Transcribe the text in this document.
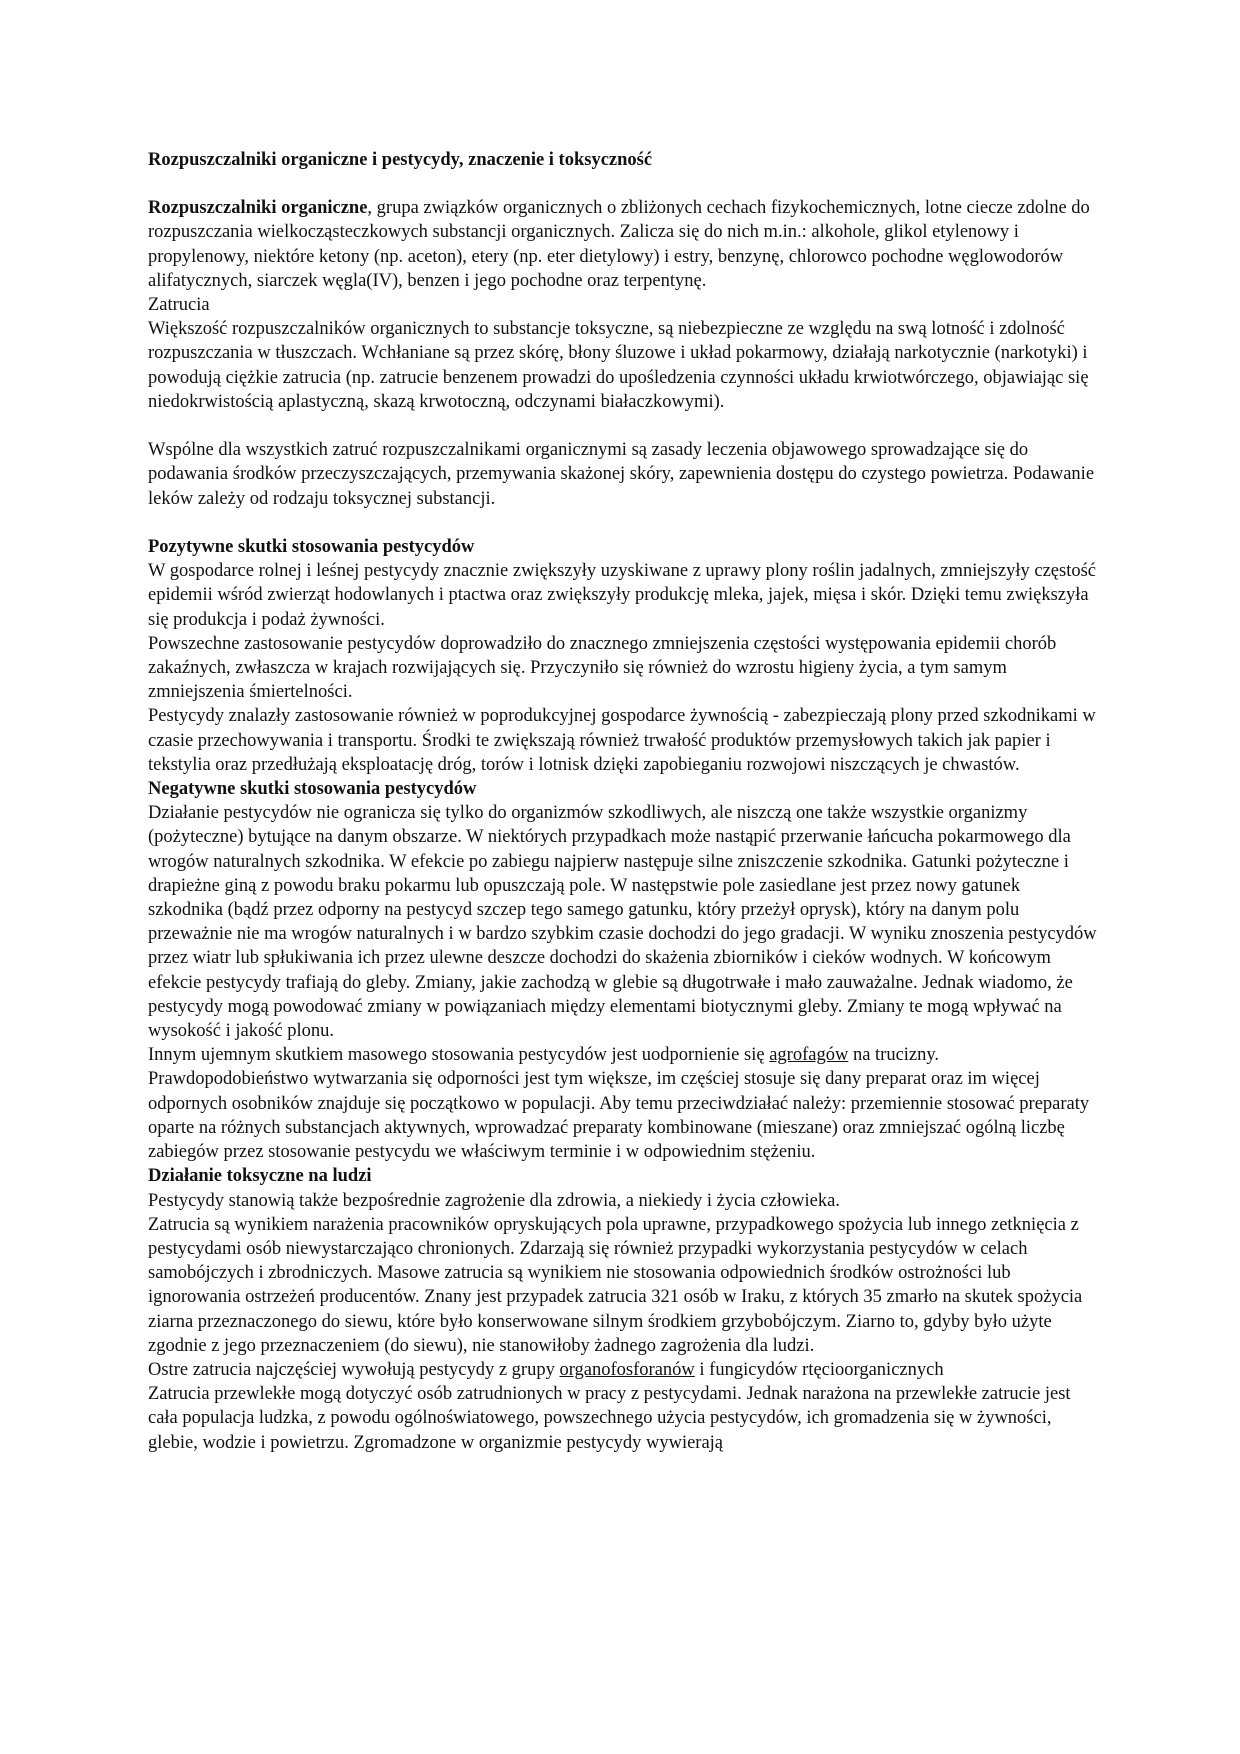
Rozpuszczalniki organiczne i pestycydy, znaczenie i toksyczność

Rozpuszczalniki organiczne, grupa związków organicznych o zbliżonych cechach fizykochemicznych, lotne ciecze zdolne do rozpuszczania wielkocząsteczkowych substancji organicznych. Zalicza się do nich m.in.: alkohole, glikol etylenowy i propylenowy, niektóre ketony (np. aceton), etery (np. eter dietylowy) i estry, benzynę, chlorowco pochodne węglowodorów alifatycznych, siarczek węgla(IV), benzen i jego pochodne oraz terpentynę.

Zatrucia

Większość rozpuszczalników organicznych to substancje toksyczne, są niebezpieczne ze względu na swą lotność i zdolność rozpuszczania w tłuszczach. Wchłaniane są przez skórę, błony śluzowe i układ pokarmowy, działają narkotycznie (narkotyki) i powodują ciężkie zatrucia (np. zatrucie benzenem prowadzi do upośledzenia czynności układu krwiotwórczego, objawiając się niedokrwistością aplastyczną, skazą krwotoczną, odczynami białaczkowymi).

Wspólne dla wszystkich zatruć rozpuszczalnikami organicznymi są zasady leczenia objawowego sprowadzające się do podawania środków przeczyszczających, przemywania skażonej skóry, zapewnienia dostępu do czystego powietrza. Podawanie leków zależy od rodzaju toksycznej substancji.

Pozytywne skutki stosowania pestycydów

W gospodarce rolnej i leśnej pestycydy znacznie zwiększyły uzyskiwane z uprawy plony roślin jadalnych, zmniejszyły częstość epidemii wśród zwierząt hodowlanych i ptactwa oraz zwiększyły produkcję mleka, jajek, mięsa i skór. Dzięki temu zwiększyła się produkcja i podaż żywności.

Powszechne zastosowanie pestycydów doprowadziło do znacznego zmniejszenia częstości występowania epidemii chorób zakaźnych, zwłaszcza w krajach rozwijających się. Przyczyniło się również do wzrostu higieny życia, a tym samym zmniejszenia śmiertelności.

Pestycydy znalazły zastosowanie również w poprodukcyjnej gospodarce żywnością - zabezpieczają plony przed szkodnikami w czasie przechowywania i transportu. Środki te zwiększają również trwałość produktów przemysłowych takich jak papier i tekstylia oraz przedłużają eksploatację dróg, torów i lotnisk dzięki zapobieganiu rozwojowi niszczących je chwastów.

Negatywne skutki stosowania pestycydów

Działanie pestycydów nie ogranicza się tylko do organizmów szkodliwych, ale niszczą one także wszystkie organizmy (pożyteczne) bytujące na danym obszarze. W niektórych przypadkach może nastąpić przerwanie łańcucha pokarmowego dla wrogów naturalnych szkodnika. W efekcie po zabiegu najpierw następuje silne zniszczenie szkodnika. Gatunki pożyteczne i drapieżne giną z powodu braku pokarmu lub opuszczają pole. W następstwie pole zasiedlane jest przez nowy gatunek szkodnika (bądź przez odporny na pestycyd szczep tego samego gatunku, który przeżył oprysk), który na danym polu przeważnie nie ma wrogów naturalnych i w bardzo szybkim czasie dochodzi do jego gradacji. W wyniku znoszenia pestycydów przez wiatr lub spłukiwania ich przez ulewne deszcze dochodzi do skażenia zbiorników i cieków wodnych. W końcowym efekcie pestycydy trafiają do gleby. Zmiany, jakie zachodzą w glebie są długotrwałe i mało zauważalne. Jednak wiadomo, że pestycydy mogą powodować zmiany w powiązaniach między elementami biotycznymi gleby. Zmiany te mogą wpływać na wysokość i jakość plonu.

Innym ujemnym skutkiem masowego stosowania pestycydów jest uodpornienie się agrofagów na trucizny. Prawdopodobieństwo wytwarzania się odporności jest tym większe, im częściej stosuje się dany preparat oraz im więcej odpornych osobników znajduje się początkowo w populacji. Aby temu przeciwdziałać należy: przemiennie stosować preparaty oparte na różnych substancjach aktywnych, wprowadzać preparaty kombinowane (mieszane) oraz zmniejszać ogólną liczbę zabiegów przez stosowanie pestycydu we właściwym terminie i w odpowiednim stężeniu.

Działanie toksyczne na ludzi

Pestycydy stanowią także bezpośrednie zagrożenie dla zdrowia, a niekiedy i życia człowieka.

Zatrucia są wynikiem narażenia pracowników opryskujących pola uprawne, przypadkowego spożycia lub innego zetknięcia z pestycydami osób niewystarczająco chronionych. Zdarzają się również przypadki wykorzystania pestycydów w celach samobójczych i zbrodniczych. Masowe zatrucia są wynikiem nie stosowania odpowiednich środków ostrożności lub ignorowania ostrzeżeń producentów. Znany jest przypadek zatrucia 321 osób w Iraku, z których 35 zmarło na skutek spożycia ziarna przeznaczonego do siewu, które było konserwowane silnym środkiem grzybobójczym. Ziarno to, gdyby było użyte zgodnie z jego przeznaczeniem (do siewu), nie stanowiłoby żadnego zagrożenia dla ludzi.

Ostre zatrucia najczęściej wywołują pestycydy z grupy organofosforanów i fungicydów rtęcioorganicznych

Zatrucia przewlekłe mogą dotyczyć osób zatrudnionych w pracy z pestycydami. Jednak narażona na przewlekłe zatrucie jest cała populacja ludzka, z powodu ogólnoświatowego, powszechnego użycia pestycydów, ich gromadzenia się w żywności, glebie, wodzie i powietrzu. Zgromadzone w organizmie pestycydy wywierają
